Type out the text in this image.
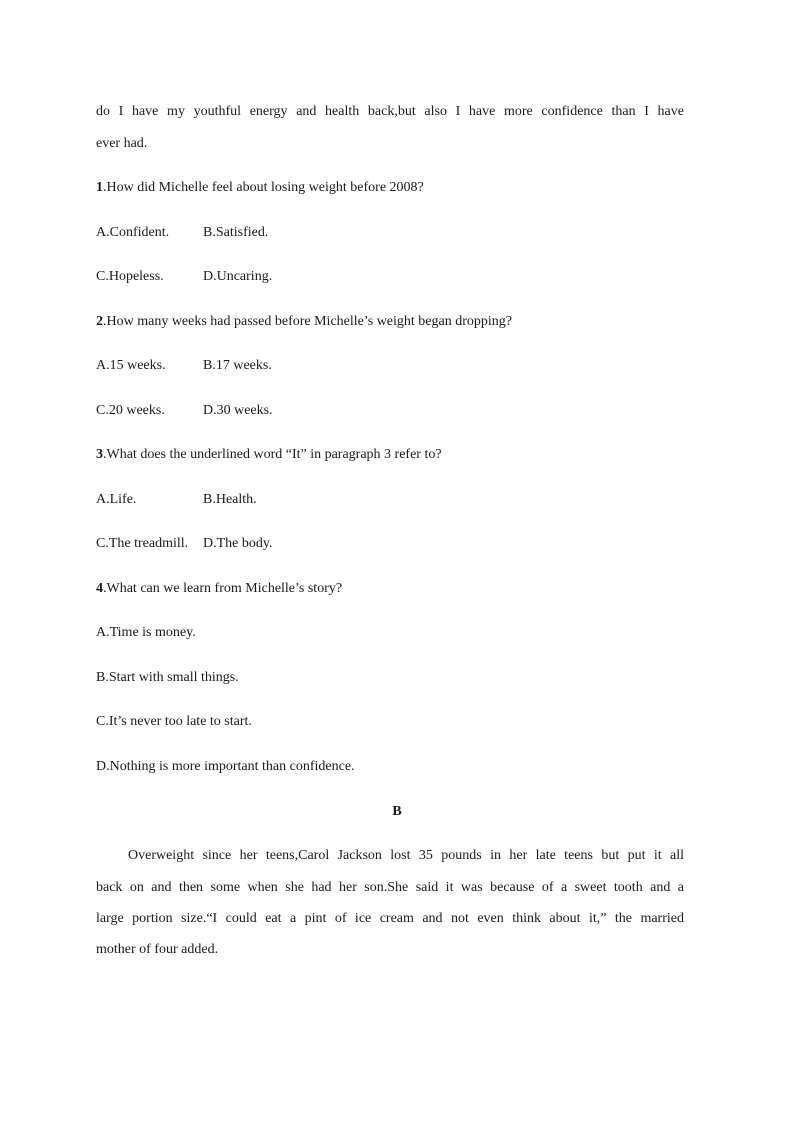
do I have my youthful energy and health back,but also I have more confidence than I have
ever had.
1.How did Michelle feel about losing weight before 2008?
A.Confident. B.Satisfied.
C.Hopeless.	D.Uncaring.
2.How many weeks had passed before Michelle’s weight began dropping?
A.15 weeks.	B.17 weeks.
C.20 weeks.	D.30 weeks.
3.What does the underlined word “It” in paragraph 3 refer to?
A.Life.	B.Health.
C.The treadmill. D.The body.
4.What can we learn from Michelle’s story?
A.Time is money.
B.Start with small things.
C.It’s never too late to start.
D.Nothing is more important than confidence.
B
Overweight since her teens,Carol Jackson lost 35 pounds in her late teens but put it all
back on and then some when she had her son.She said it was because of a sweet tooth and a
large portion size.“I could eat a pint of ice cream and not even think about it,” the married
mother of four added.
